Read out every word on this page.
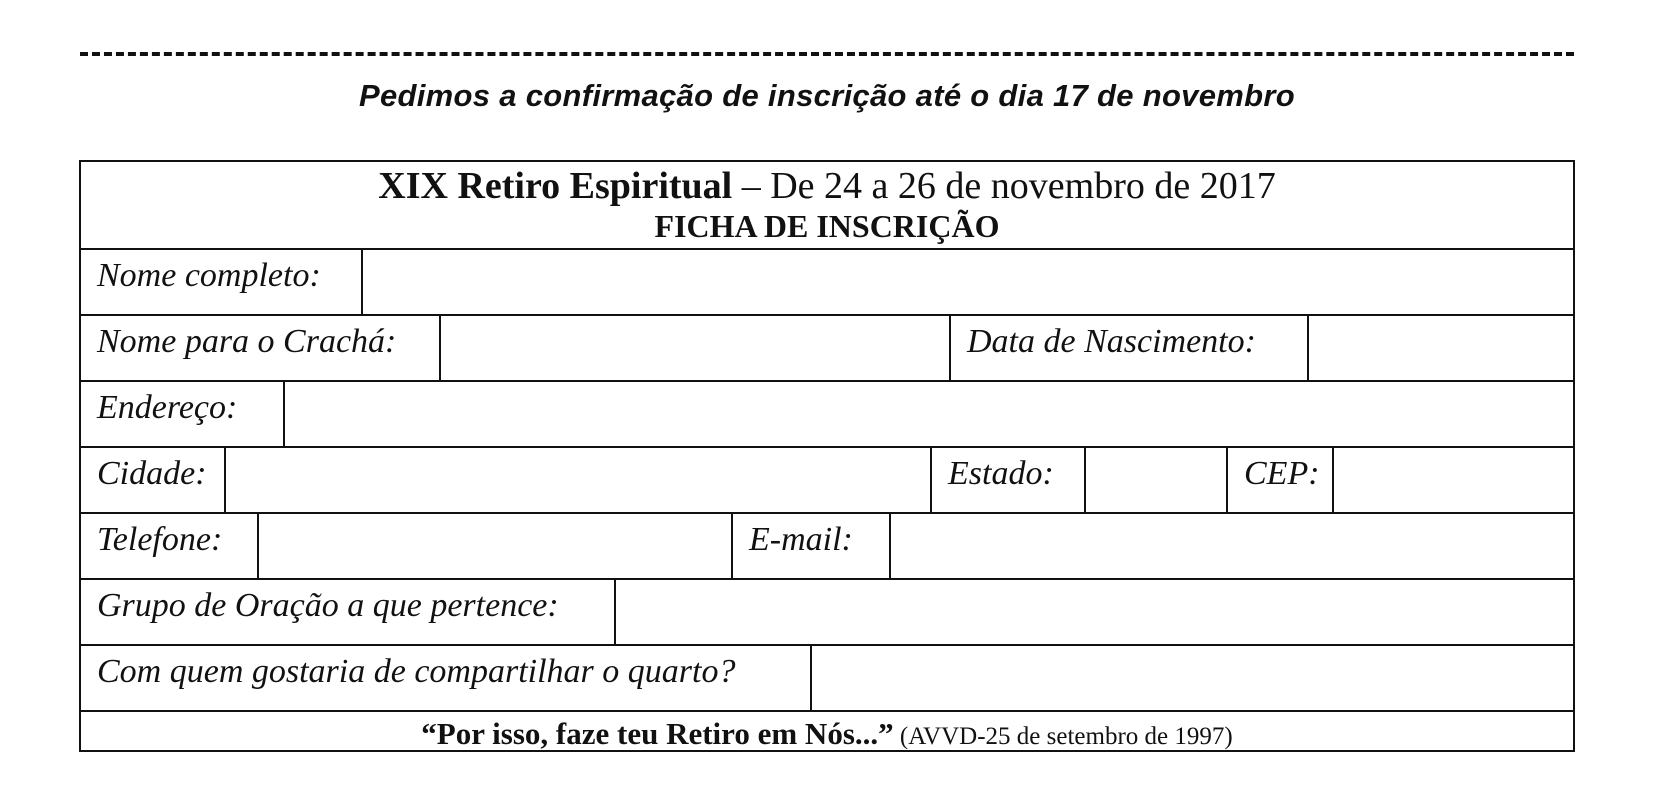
Pedimos a confirmação de inscrição até o dia 17 de novembro
XIX Retiro Espiritual – De 24 a 26 de novembro de 2017
FICHA DE INSCRIÇÃO
Nome completo:
Nome para o Crachá:	Data de Nascimento:
Endereço:
Cidade:	Estado:	CEP:
Telefone:	E-mail:
Grupo de Oração a que pertence:
Com quem gostaria de compartilhar o quarto?
“Por isso, faze teu Retiro em Nós...” (AVVD-25 de setembro de 1997)
